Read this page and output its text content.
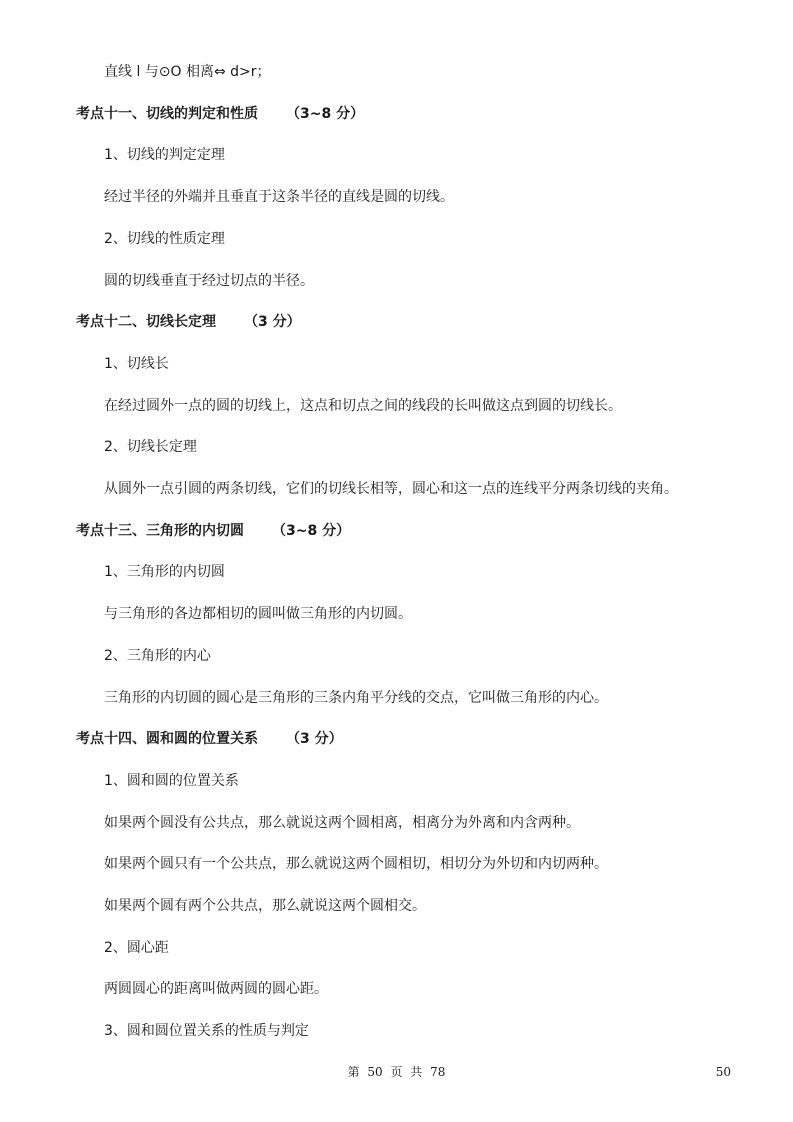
直线 l 与⊙O 相离⇔ d>r；
考点十一、切线的判定和性质 （3~8 分）
1、切线的判定定理
经过半径的外端并且垂直于这条半径的直线是圆的切线。
2、切线的性质定理
圆的切线垂直于经过切点的半径。
考点十二、切线长定理 （3 分）
1、切线长
在经过圆外一点的圆的切线上，这点和切点之间的线段的长叫做这点到圆的切线长。
2、切线长定理
从圆外一点引圆的两条切线，它们的切线长相等，圆心和这一点的连线平分两条切线的夹角。
考点十三、三角形的内切圆 （3~8 分）
1、三角形的内切圆
与三角形的各边都相切的圆叫做三角形的内切圆。
2、三角形的内心
三角形的内切圆的圆心是三角形的三条内角平分线的交点，它叫做三角形的内心。
考点十四、圆和圆的位置关系 （3 分）
1、圆和圆的位置关系
如果两个圆没有公共点，那么就说这两个圆相离，相离分为外离和内含两种。
如果两个圆只有一个公共点，那么就说这两个圆相切，相切分为外切和内切两种。
如果两个圆有两个公共点，那么就说这两个圆相交。
2、圆心距
两圆圆心的距离叫做两圆的圆心距。
3、圆和圆位置关系的性质与判定
第 50 页 共 78	50
